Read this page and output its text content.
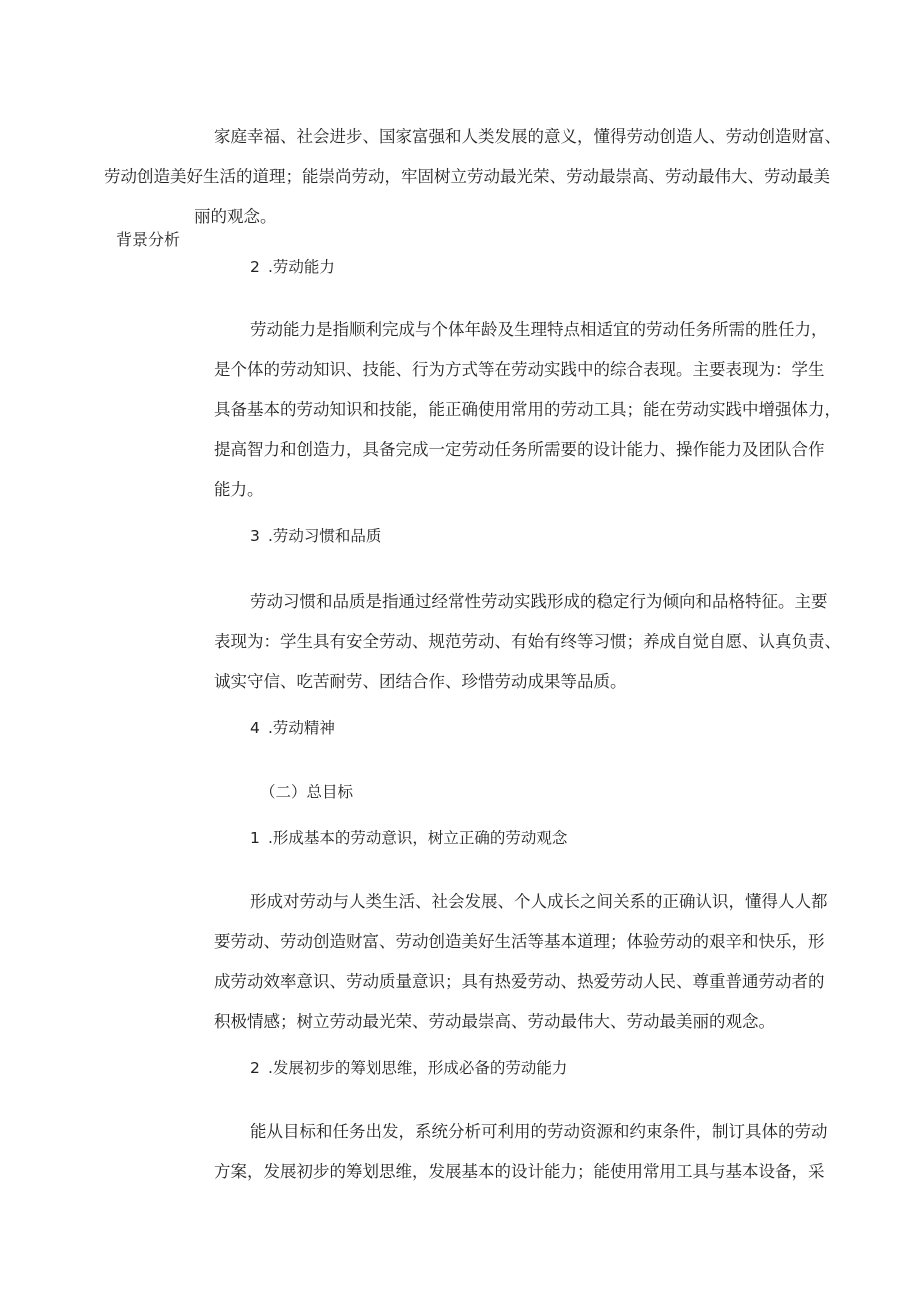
家庭幸福、社会进步、国家富强和人类发展的意义，懂得劳动创造人、劳动创造财富、
劳动创造美好生活的道理；能崇尚劳动，牢固树立劳动最光荣、劳动最崇高、劳动最伟大、劳动最美
丽的观念。
背景分析
2 .劳动能力
劳动能力是指顺利完成与个体年龄及生理特点相适宜的劳动任务所需的胜任力，
是个体的劳动知识、技能、行为方式等在劳动实践中的综合表现。主要表现为：学生
具备基本的劳动知识和技能，能正确使用常用的劳动工具；能在劳动实践中增强体力，
提高智力和创造力，具备完成一定劳动任务所需要的设计能力、操作能力及团队合作
能力。
3 .劳动习惯和品质
劳动习惯和品质是指通过经常性劳动实践形成的稳定行为倾向和品格特征。主要
表现为：学生具有安全劳动、规范劳动、有始有终等习惯；养成自觉自愿、认真负责、
诚实守信、吃苦耐劳、团结合作、珍惜劳动成果等品质。
4 .劳动精神
（二）总目标
1 .形成基本的劳动意识，树立正确的劳动观念
形成对劳动与人类生活、社会发展、个人成长之间关系的正确认识，懂得人人都
要劳动、劳动创造财富、劳动创造美好生活等基本道理；体验劳动的艰辛和快乐，形
成劳动效率意识、劳动质量意识；具有热爱劳动、热爱劳动人民、尊重普通劳动者的
积极情感；树立劳动最光荣、劳动最崇高、劳动最伟大、劳动最美丽的观念。
2 .发展初步的筹划思维，形成必备的劳动能力
能从目标和任务出发，系统分析可利用的劳动资源和约束条件，制订具体的劳动
方案，发展初步的筹划思维，发展基本的设计能力；能使用常用工具与基本设备，采
